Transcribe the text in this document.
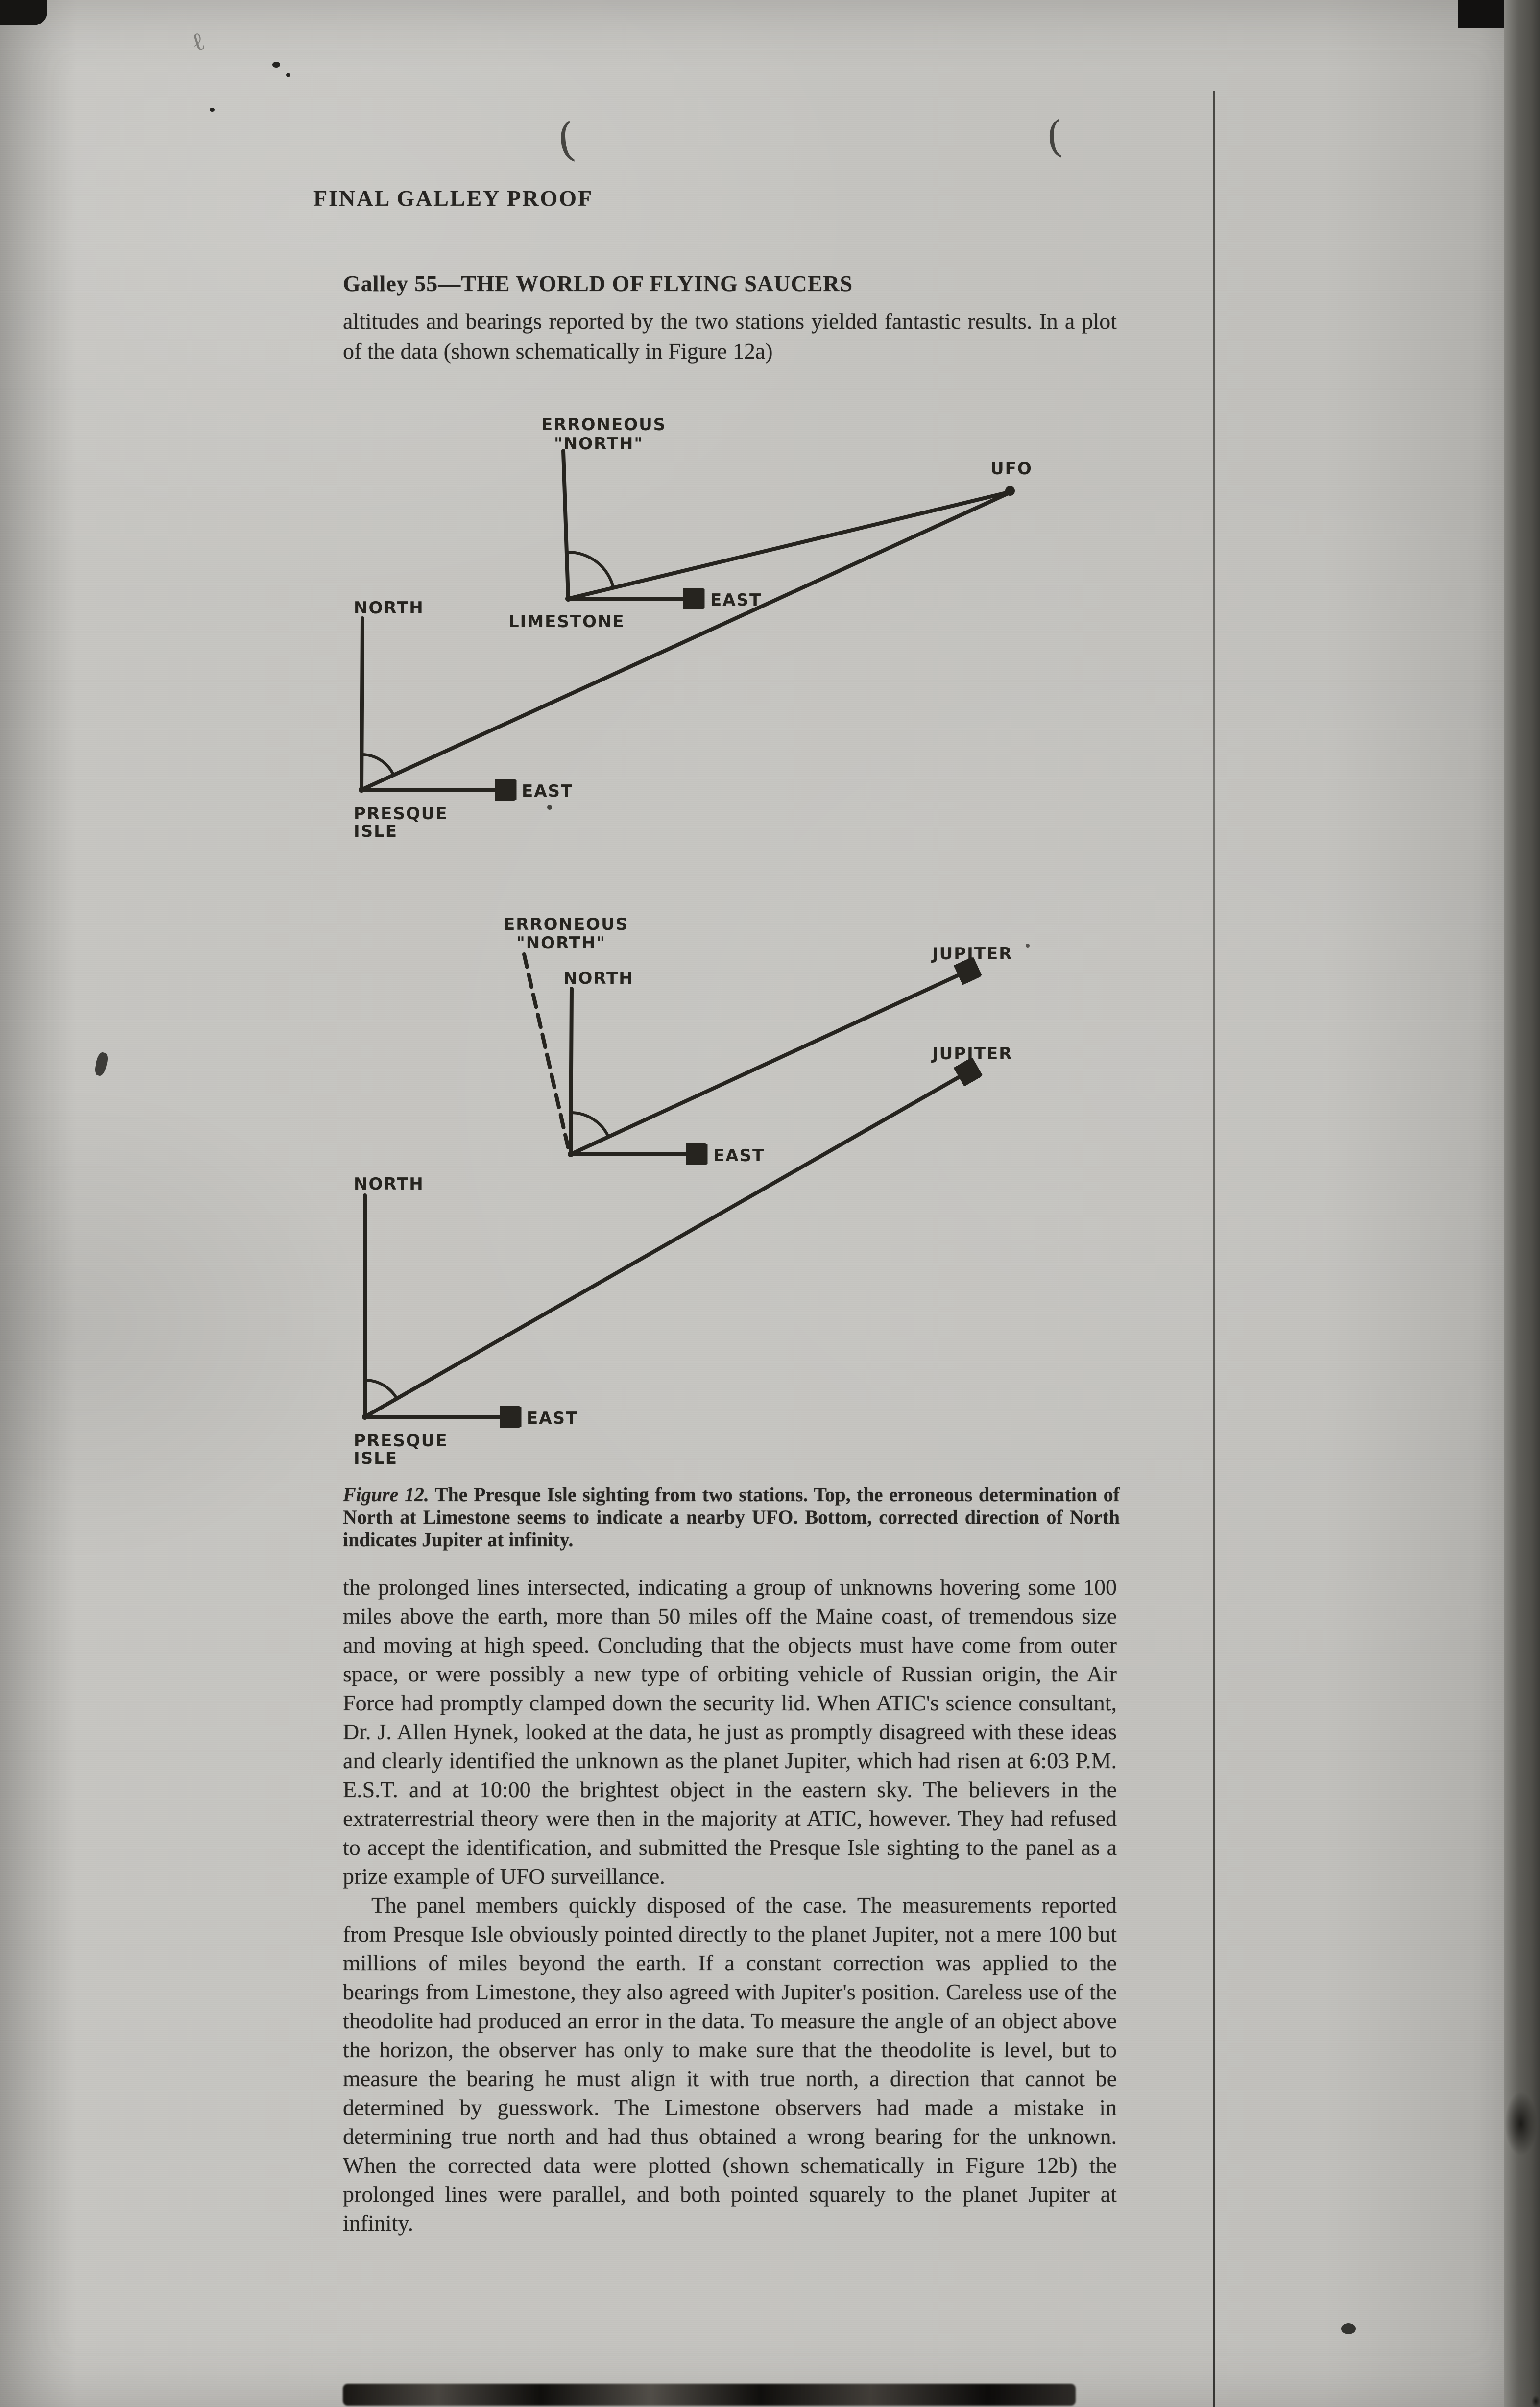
(	(
ℓ
FINAL GALLEY PROOF
Galley 55—THE WORLD OF FLYING SAUCERS

altitudes and bearings reported by the two stations yielded fantastic results. In a plot of the data (shown schematically in Figure 12a)

ERRONEOUS
"NORTH"
UFO
EAST
LIMESTONE
NORTH
EAST
PRESQUE
ISLE
ERRONEOUS
"NORTH"
NORTH
JUPITER
JUPITER
EAST
NORTH
EAST
PRESQUE
ISLE

Figure 12. The Presque Isle sighting from two stations. Top, the erroneous determination of North at Limestone seems to indicate a nearby UFO. Bottom, corrected direction of North indicates Jupiter at infinity.

the prolonged lines intersected, indicating a group of unknowns hovering some 100 miles above the earth, more than 50 miles off the Maine coast, of tremendous size and moving at high speed. Concluding that the objects must have come from outer space, or were possibly a new type of orbiting vehicle of Russian origin, the Air Force had promptly clamped down the security lid. When ATIC's science consultant, Dr. J. Allen Hynek, looked at the data, he just as promptly disagreed with these ideas and clearly identified the unknown as the planet Jupiter, which had risen at 6:03 P.M. E.S.T. and at 10:00 the brightest object in the eastern sky. The believers in the extraterrestrial theory were then in the majority at ATIC, however. They had refused to accept the identification, and submitted the Presque Isle sighting to the panel as a prize example of UFO surveillance.

The panel members quickly disposed of the case. The measurements reported from Presque Isle obviously pointed directly to the planet Jupiter, not a mere 100 but millions of miles beyond the earth. If a constant correction was applied to the bearings from Limestone, they also agreed with Jupiter's position. Careless use of the theodolite had produced an error in the data. To measure the angle of an object above the horizon, the observer has only to make sure that the theodolite is level, but to measure the bearing he must align it with true north, a direction that cannot be determined by guesswork. The Limestone observers had made a mistake in determining true north and had thus obtained a wrong bearing for the unknown. When the corrected data were plotted (shown schematically in Figure 12b) the prolonged lines were parallel, and both pointed squarely to the planet Jupiter at infinity.
